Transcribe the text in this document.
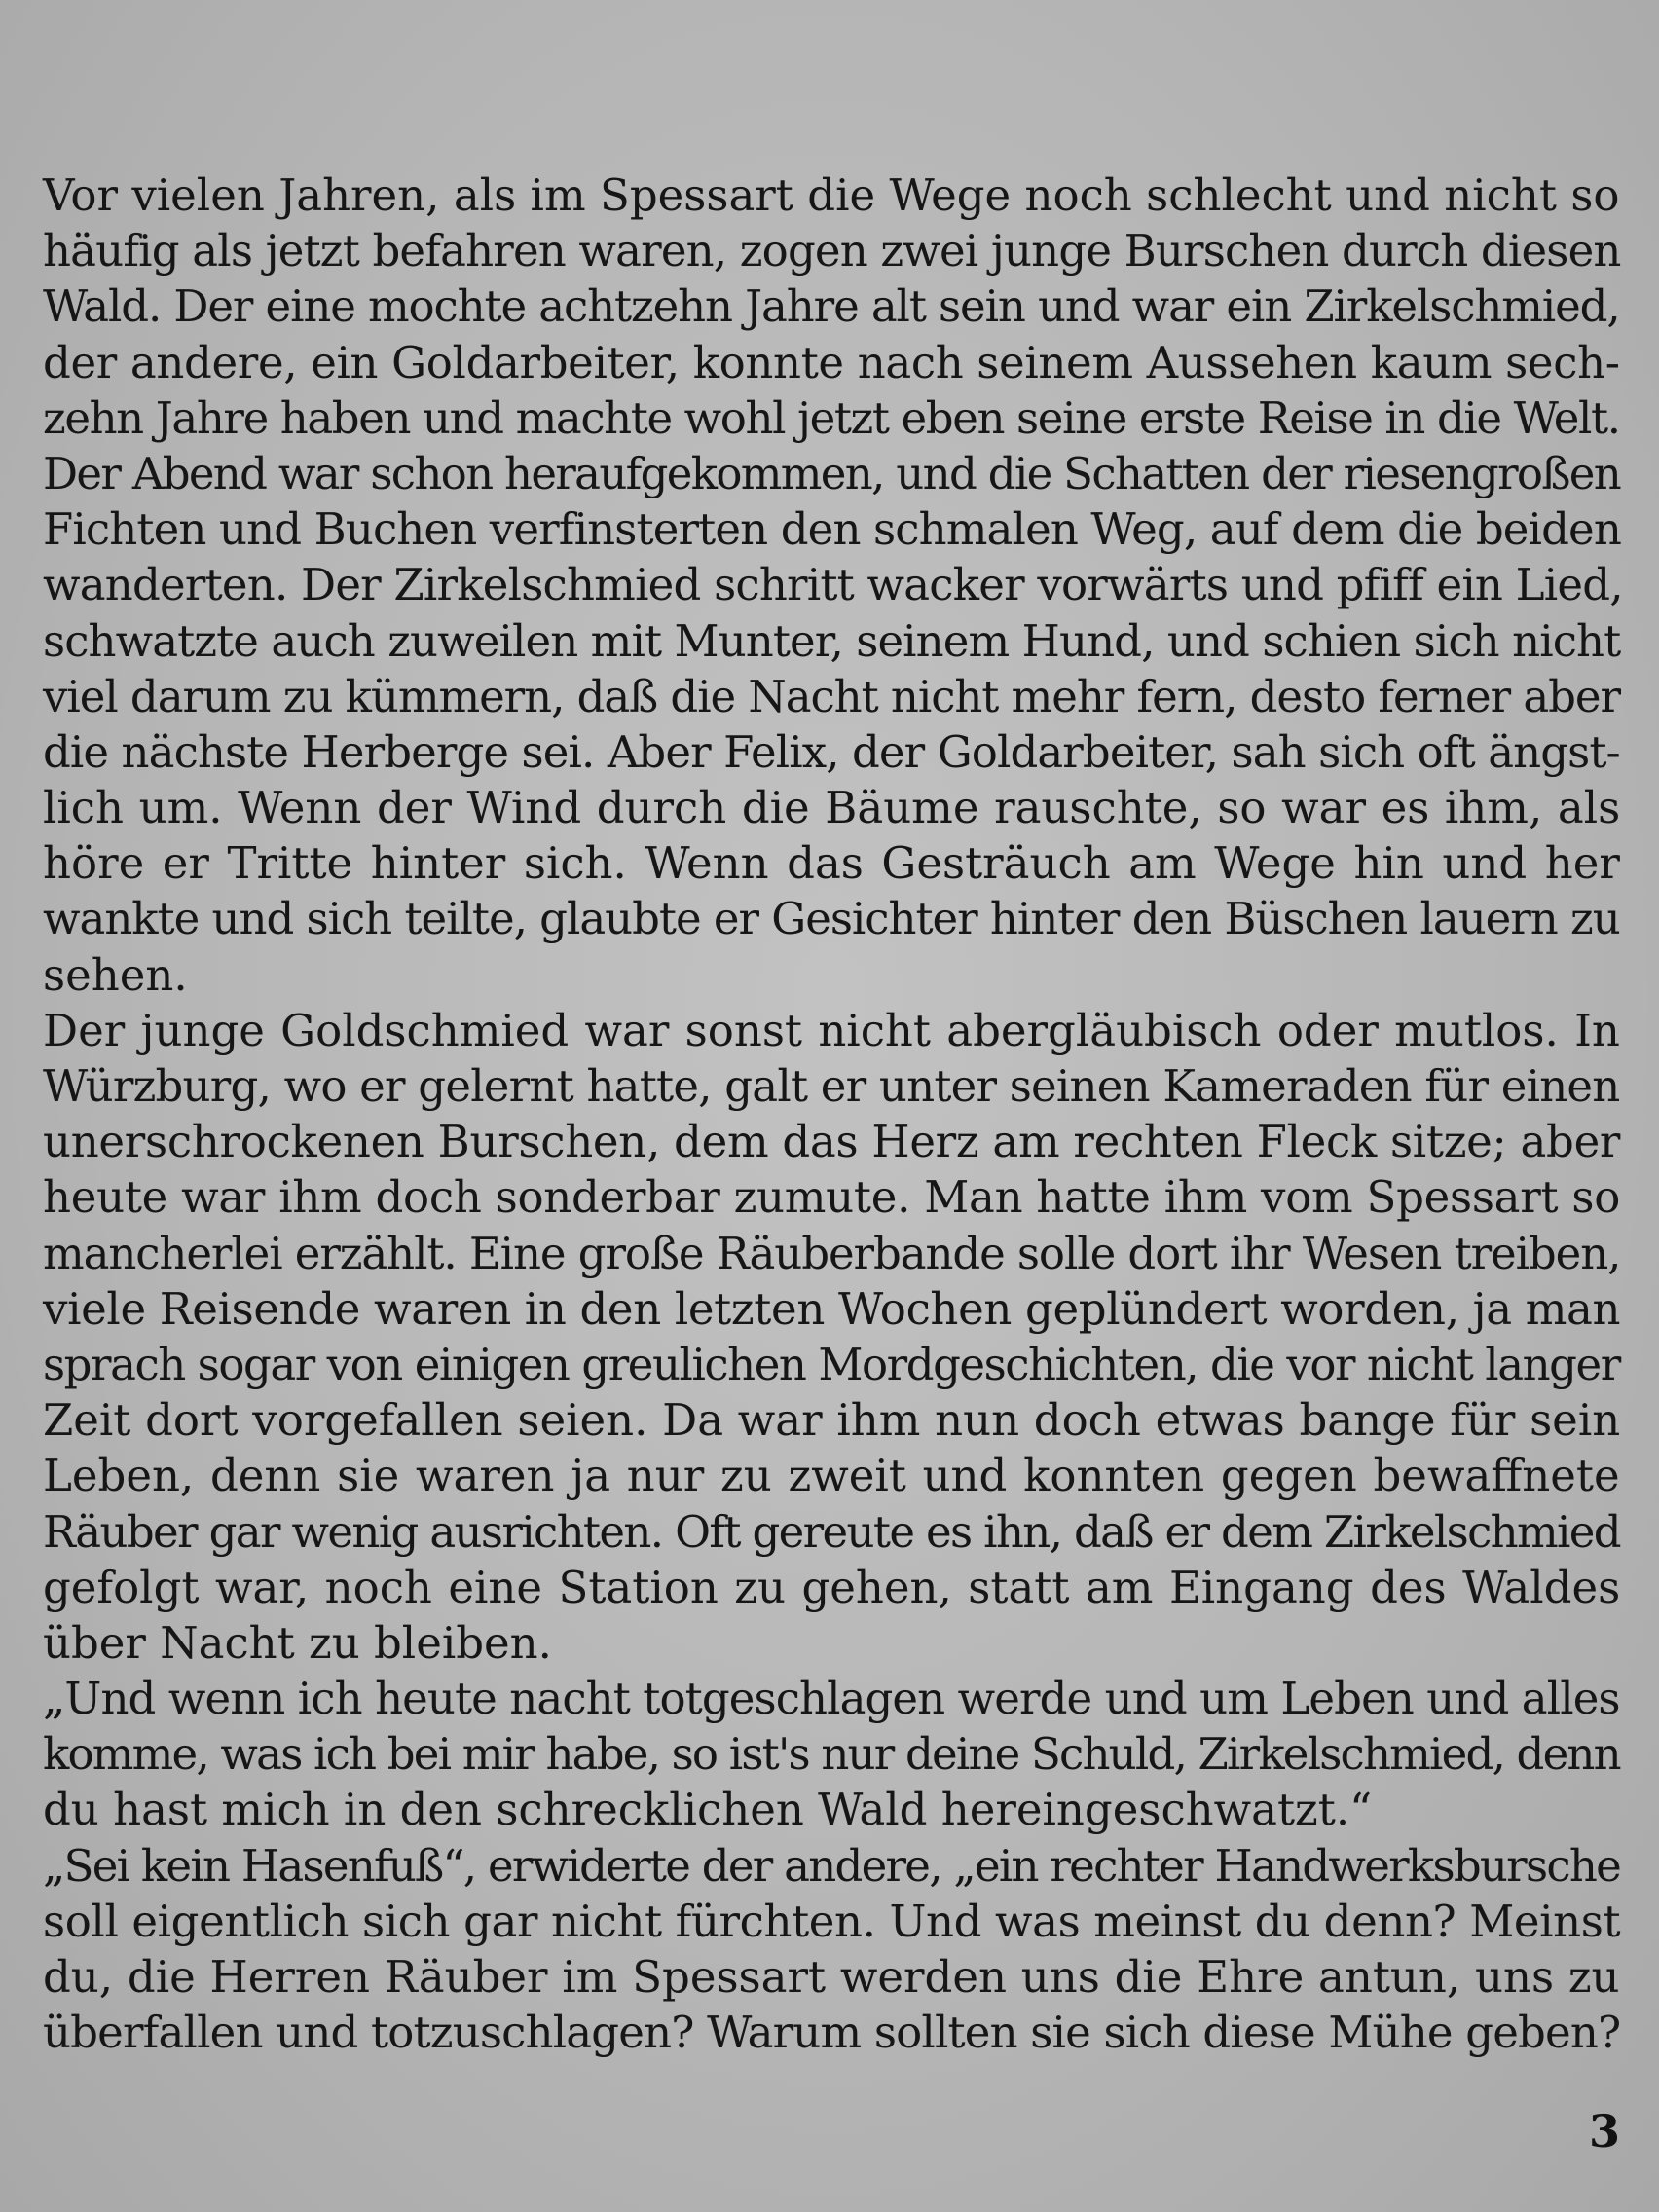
Vor vielen Jahren, als im Spessart die Wege noch schlecht und nicht so
häufig als jetzt befahren waren, zogen zwei junge Burschen durch diesen
Wald. Der eine mochte achtzehn Jahre alt sein und war ein Zirkelschmied,
der andere, ein Goldarbeiter, konnte nach seinem Aussehen kaum sech-
zehn Jahre haben und machte wohl jetzt eben seine erste Reise in die Welt.
Der Abend war schon heraufgekommen, und die Schatten der riesengroßen
Fichten und Buchen verfinsterten den schmalen Weg, auf dem die beiden
wanderten. Der Zirkelschmied schritt wacker vorwärts und pfiff ein Lied,
schwatzte auch zuweilen mit Munter, seinem Hund, und schien sich nicht
viel darum zu kümmern, daß die Nacht nicht mehr fern, desto ferner aber
die nächste Herberge sei. Aber Felix, der Goldarbeiter, sah sich oft ängst-
lich um. Wenn der Wind durch die Bäume rauschte, so war es ihm, als
höre er Tritte hinter sich. Wenn das Gesträuch am Wege hin und her
wankte und sich teilte, glaubte er Gesichter hinter den Büschen lauern zu
sehen.
Der junge Goldschmied war sonst nicht abergläubisch oder mutlos. In
Würzburg, wo er gelernt hatte, galt er unter seinen Kameraden für einen
unerschrockenen Burschen, dem das Herz am rechten Fleck sitze; aber
heute war ihm doch sonderbar zumute. Man hatte ihm vom Spessart so
mancherlei erzählt. Eine große Räuberbande solle dort ihr Wesen treiben,
viele Reisende waren in den letzten Wochen geplündert worden, ja man
sprach sogar von einigen greulichen Mordgeschichten, die vor nicht langer
Zeit dort vorgefallen seien. Da war ihm nun doch etwas bange für sein
Leben, denn sie waren ja nur zu zweit und konnten gegen bewaffnete
Räuber gar wenig ausrichten. Oft gereute es ihn, daß er dem Zirkelschmied
gefolgt war, noch eine Station zu gehen, statt am Eingang des Waldes
über Nacht zu bleiben.
„Und wenn ich heute nacht totgeschlagen werde und um Leben und alles
komme, was ich bei mir habe, so ist's nur deine Schuld, Zirkelschmied, denn
du hast mich in den schrecklichen Wald hereingeschwatzt.“
„Sei kein Hasenfuß“, erwiderte der andere, „ein rechter Handwerksbursche
soll eigentlich sich gar nicht fürchten. Und was meinst du denn? Meinst
du, die Herren Räuber im Spessart werden uns die Ehre antun, uns zu
überfallen und totzuschlagen? Warum sollten sie sich diese Mühe geben?
3
